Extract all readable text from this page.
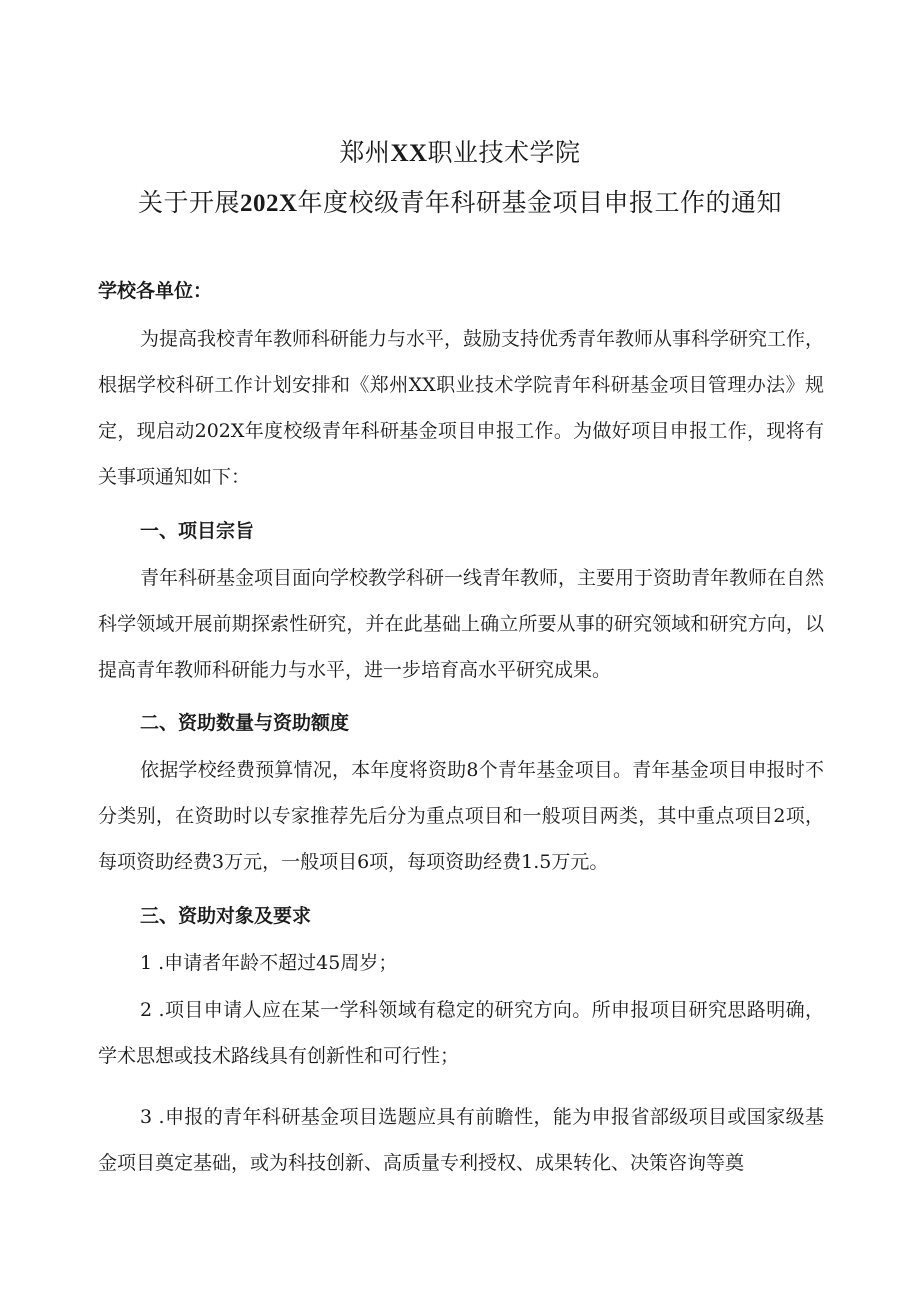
郑州XX职业技术学院
关于开展202X年度校级青年科研基金项目申报工作的通知
学校各单位：

为提高我校青年教师科研能力与水平，鼓励支持优秀青年教师从事科学研究工作，根据学校科研工作计划安排和《郑州XX职业技术学院青年科研基金项目管理办法》规定，现启动202X年度校级青年科研基金项目申报工作。为做好项目申报工作，现将有关事项通知如下：

一、项目宗旨

青年科研基金项目面向学校教学科研一线青年教师，主要用于资助青年教师在自然科学领域开展前期探索性研究，并在此基础上确立所要从事的研究领域和研究方向，以提高青年教师科研能力与水平，进一步培育高水平研究成果。

二、资助数量与资助额度

依据学校经费预算情况，本年度将资助8个青年基金项目。青年基金项目申报时不分类别，在资助时以专家推荐先后分为重点项目和一般项目两类，其中重点项目2项，每项资助经费3万元，一般项目6项，每项资助经费1.5万元。

三、资助对象及要求

1 .申请者年龄不超过45周岁；

2 .项目申请人应在某一学科领域有稳定的研究方向。所申报项目研究思路明确，学术思想或技术路线具有创新性和可行性；

3 .申报的青年科研基金项目选题应具有前瞻性，能为申报省部级项目或国家级基金项目奠定基础，或为科技创新、高质量专利授权、成果转化、决策咨询等奠
